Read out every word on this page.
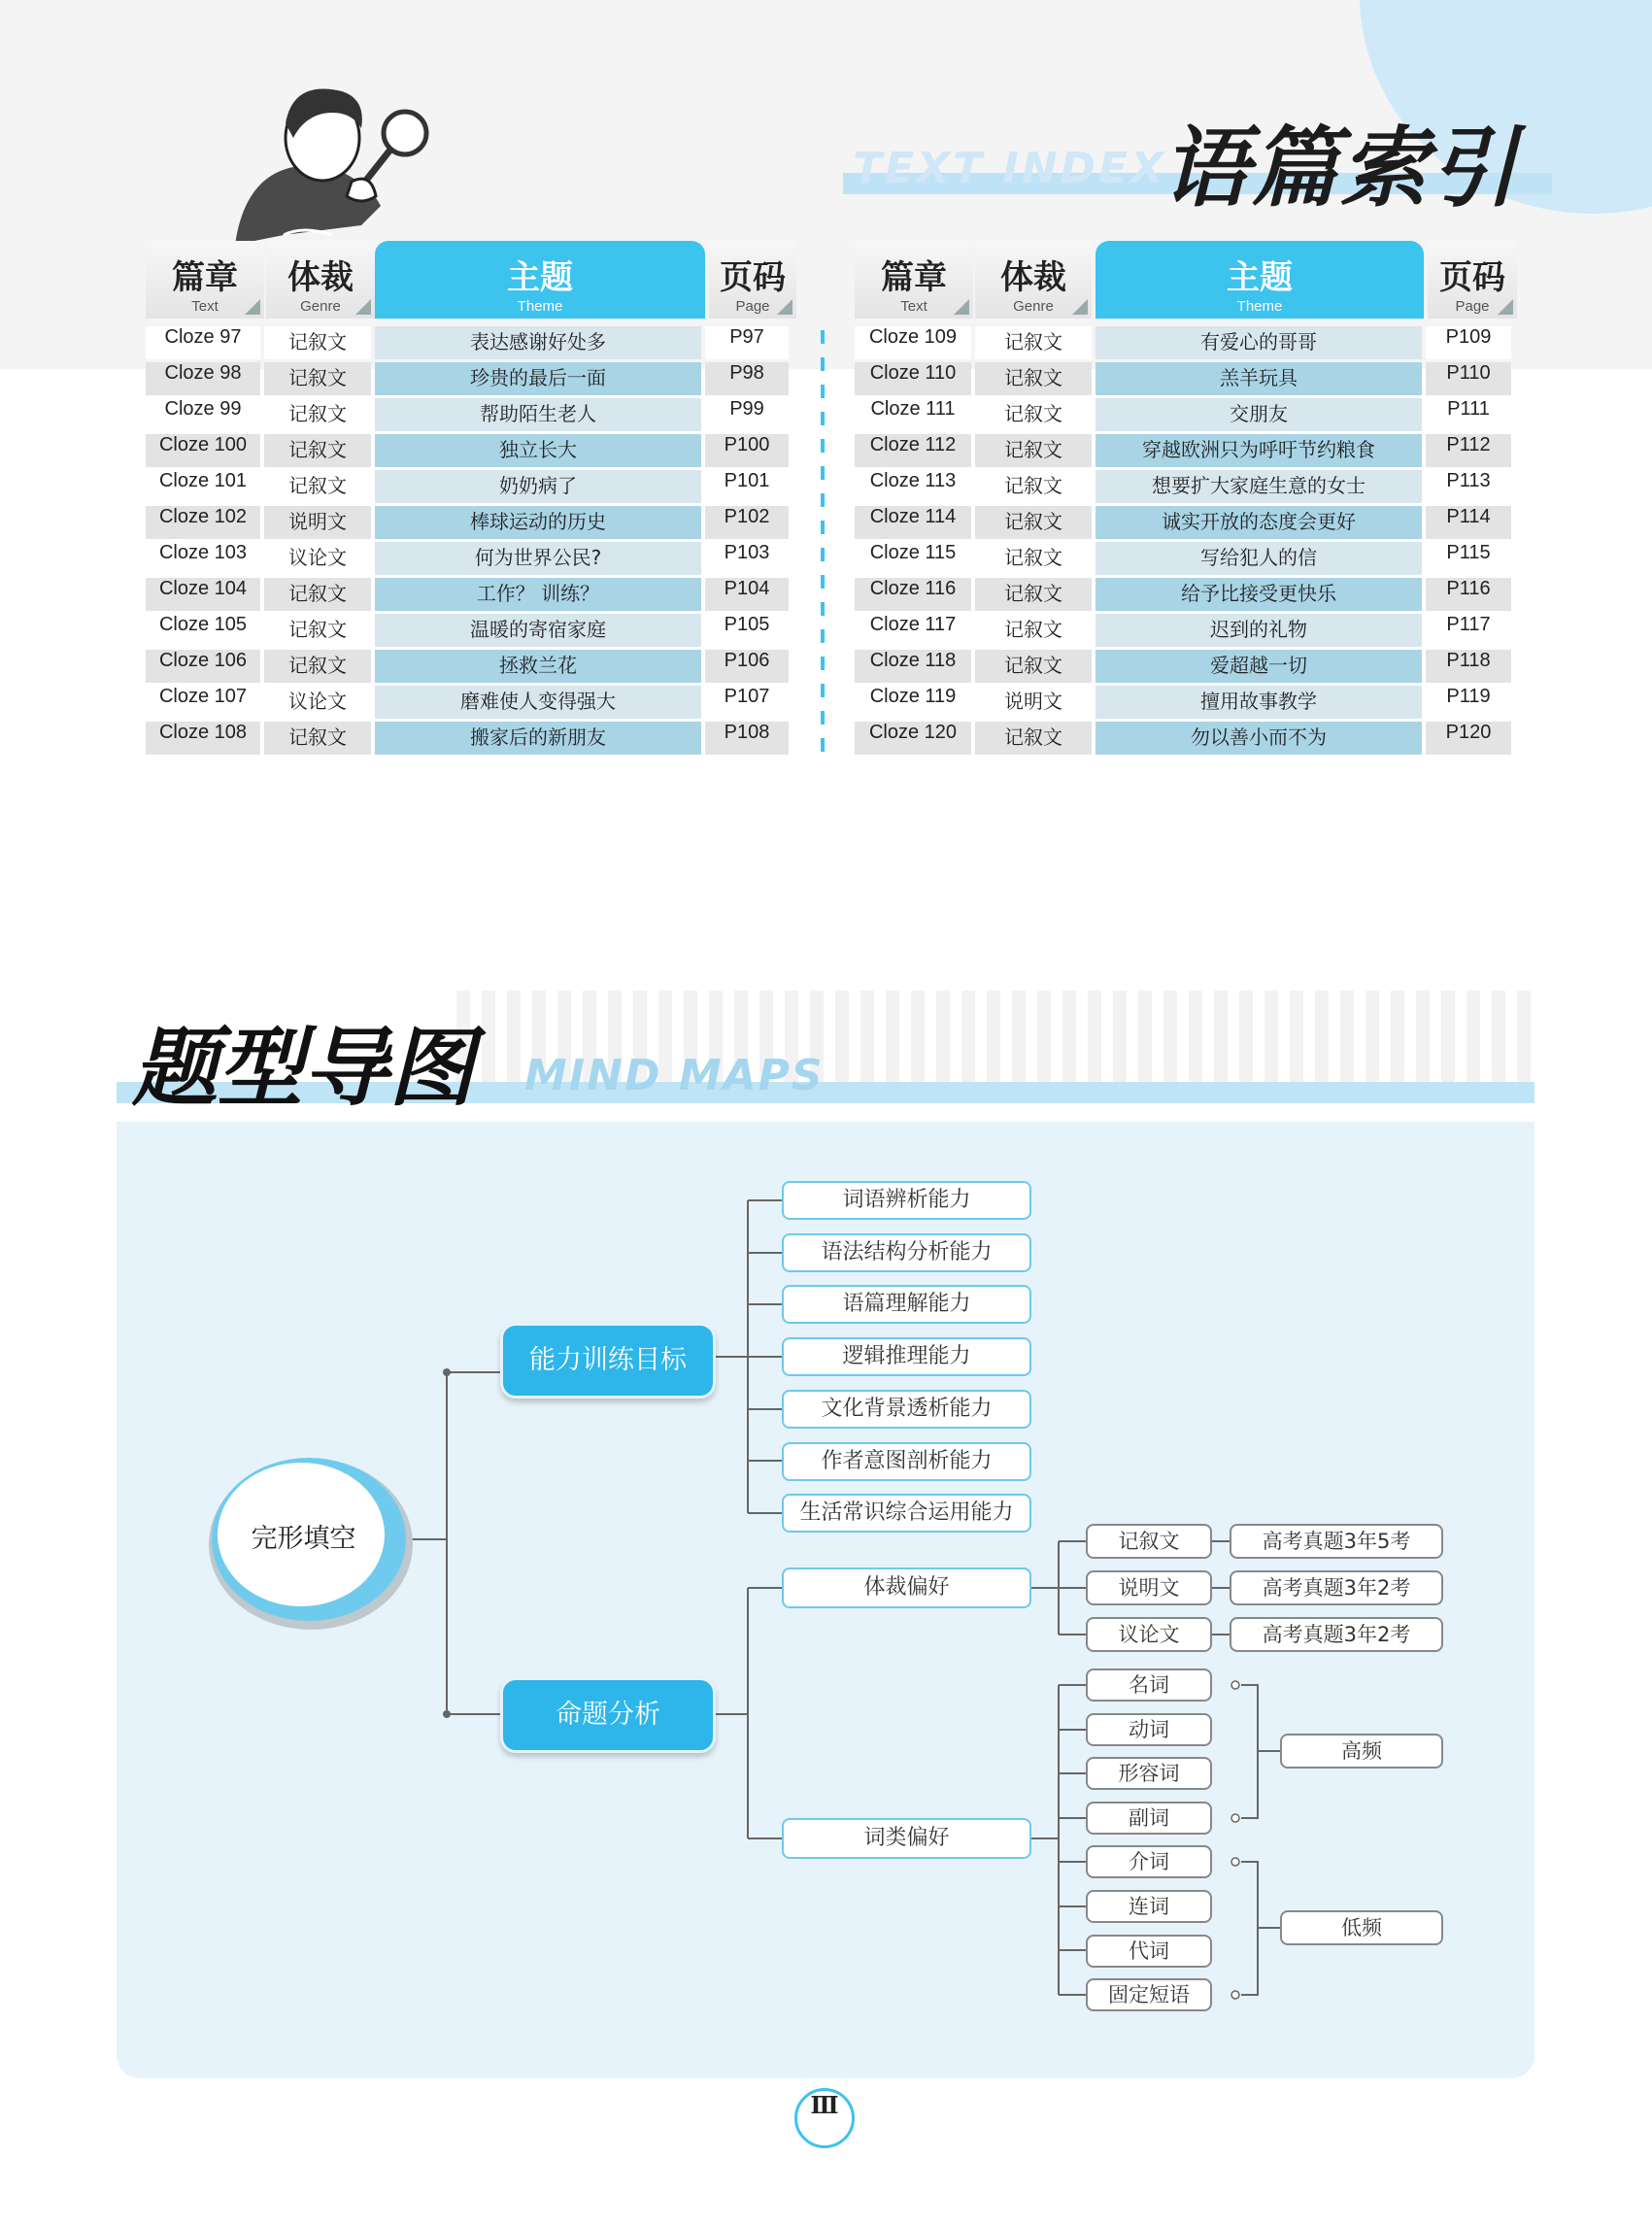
TEXT INDEX
语篇索引
篇章
Text
体裁
Genre
主题
Theme
页码
Page
Cloze 97	记叙文	表达感谢好处多	P97
Cloze 98	记叙文	珍贵的最后一面	P98
Cloze 99	记叙文	帮助陌生老人	P99
Cloze 100	记叙文	独立长大	P100
Cloze 101	记叙文	奶奶病了	P101
Cloze 102	说明文	棒球运动的历史	P102
Cloze 103	议论文	何为世界公民?	P103
Cloze 104	记叙文	工作？ 训练？	P104
Cloze 105	记叙文	温暖的寄宿家庭	P105
Cloze 106	记叙文	拯救兰花	P106
Cloze 107	议论文	磨难使人变得强大	P107
Cloze 108	记叙文	搬家后的新朋友	P108
篇章
Text
体裁
Genre
主题
Theme
页码
Page
Cloze 109	记叙文	有爱心的哥哥	P109
Cloze 110	记叙文	羔羊玩具	P110
Cloze 111	记叙文	交朋友	P111
Cloze 112	记叙文	穿越欧洲只为呼吁节约粮食	P112
Cloze 113	记叙文	想要扩大家庭生意的女士	P113
Cloze 114	记叙文	诚实开放的态度会更好	P114
Cloze 115	记叙文	写给犯人的信	P115
Cloze 116	记叙文	给予比接受更快乐	P116
Cloze 117	记叙文	迟到的礼物	P117
Cloze 118	记叙文	爱超越一切	P118
Cloze 119	说明文	擅用故事教学	P119
Cloze 120	记叙文	勿以善小而不为	P120
题型导图 MIND MAPS
完形填空
能力训练目标
命题分析
词语辨析能力
语法结构分析能力
语篇理解能力
逻辑推理能力
文化背景透析能力
作者意图剖析能力
生活常识综合运用能力
体裁偏好
词类偏好
记叙文	高考真题3年5考
说明文	高考真题3年2考
议论文	高考真题3年2考
名词
动词
形容词
副词
介词
连词
代词
固定短语
高频
低频
Ⅲ
